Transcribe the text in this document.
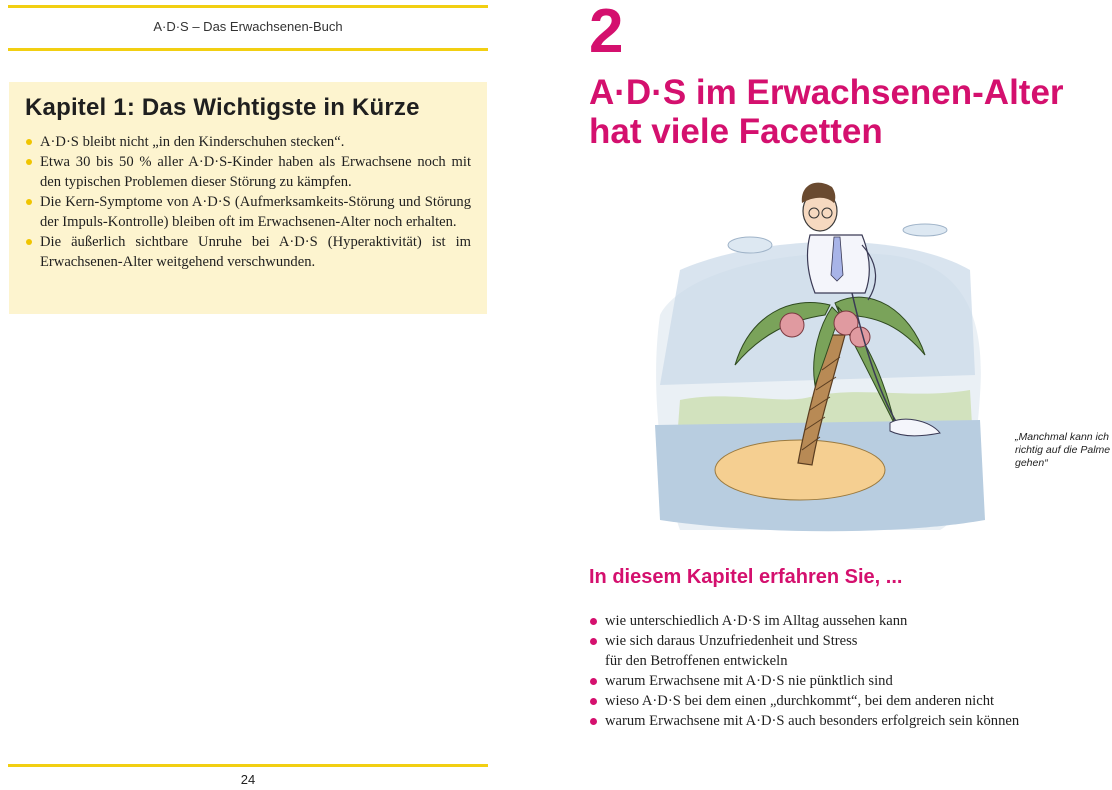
A·D·S – Das Erwachsenen-Buch
Kapitel 1: Das Wichtigste in Kürze
A·D·S bleibt nicht „in den Kinderschuhen stecken“.
Etwa 30 bis 50 % aller A·D·S-Kinder haben als Erwachsene noch mit den typischen Problemen dieser Störung zu kämpfen.
Die Kern-Symptome von A·D·S (Aufmerksamkeits-Störung und Störung der Impuls-Kontrolle) bleiben oft im Erwachsenen-Alter noch erhalten.
Die äußerlich sichtbare Unruhe bei A·D·S (Hyperaktivität) ist im Erwachsenen-Alter weitgehend verschwunden.
24
2
A·D·S im Erwachsenen-Alter
hat viele Facetten
„Manchmal kann ich richtig auf die Palme gehen“
In diesem Kapitel erfahren Sie, ...
wie unterschiedlich A·D·S im Alltag aussehen kann
wie sich daraus Unzufriedenheit und Stress
für den Betroffenen entwickeln
warum Erwachsene mit A·D·S nie pünktlich sind
wieso A·D·S bei dem einen „durchkommt“, bei dem anderen nicht
warum Erwachsene mit A·D·S auch besonders erfolgreich sein können
